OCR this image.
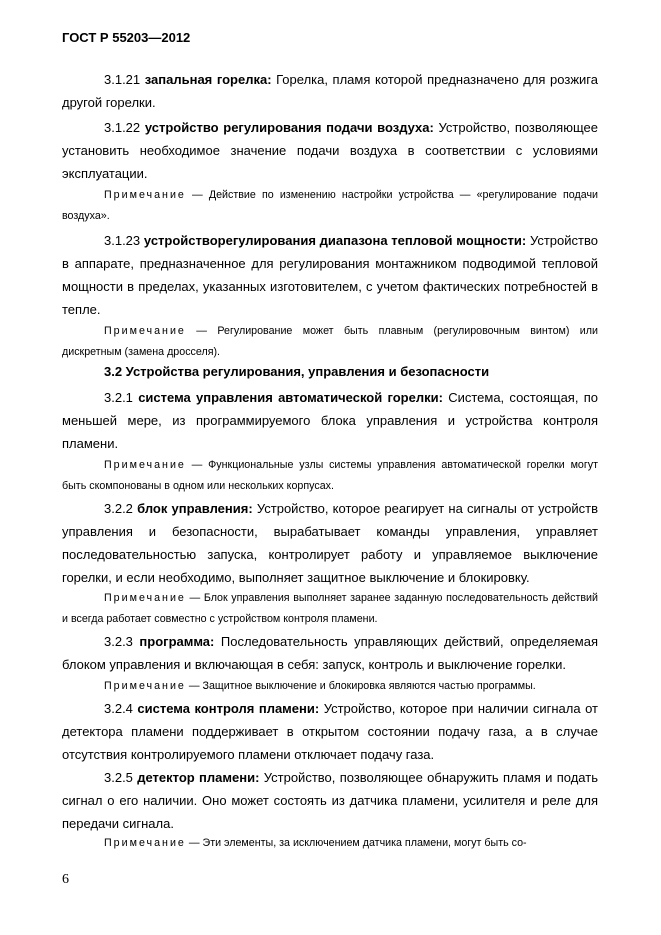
ГОСТ Р 55203—2012
3.1.21 запальная горелка: Горелка, пламя которой предназначено для розжига другой горелки.
3.1.22 устройство регулирования подачи воздуха: Устройство, позволяющее установить необходимое значение подачи воздуха в соответствии с условиями эксплуатации.
Примечание — Действие по изменению настройки устройства — «регулирование подачи воздуха».
3.1.23 устройстворегулирования диапазона тепловой мощности: Устройство в аппарате, предназначенное для регулирования монтажником подводимой тепловой мощности в пределах, указанных изготовителем, с учетом фактических потребностей в тепле.
Примечание — Регулирование может быть плавным (регулировочным винтом) или дискретным (замена дросселя).
3.2 Устройства регулирования, управления и безопасности
3.2.1 система управления автоматической горелки: Система, состоящая, по меньшей мере, из программируемого блока управления и устройства контроля пламени.
Примечание — Функциональные узлы системы управления автоматической горелки могут быть скомпонованы в одном или нескольких корпусах.
3.2.2 блок управления: Устройство, которое реагирует на сигналы от устройств управления и безопасности, вырабатывает команды управления, управляет последовательностью запуска, контролирует работу и управляемое выключение горелки, и если необходимо, выполняет защитное выключение и блокировку.
Примечание — Блок управления выполняет заранее заданную последовательность действий и всегда работает совместно с устройством контроля пламени.
3.2.3 программа: Последовательность управляющих действий, определяемая блоком управления и включающая в себя: запуск, контроль и выключение горелки.
Примечание — Защитное выключение и блокировка являются частью программы.
3.2.4 система контроля пламени: Устройство, которое при наличии сигнала от детектора пламени поддерживает в открытом состоянии подачу газа, а в случае отсутствия контролируемого пламени отключает подачу газа.
3.2.5 детектор пламени: Устройство, позволяющее обнаружить пламя и подать сигнал о его наличии. Оно может состоять из датчика пламени, усилителя и реле для передачи сигнала.
Примечание — Эти элементы, за исключением датчика пламени, могут быть со-
6
